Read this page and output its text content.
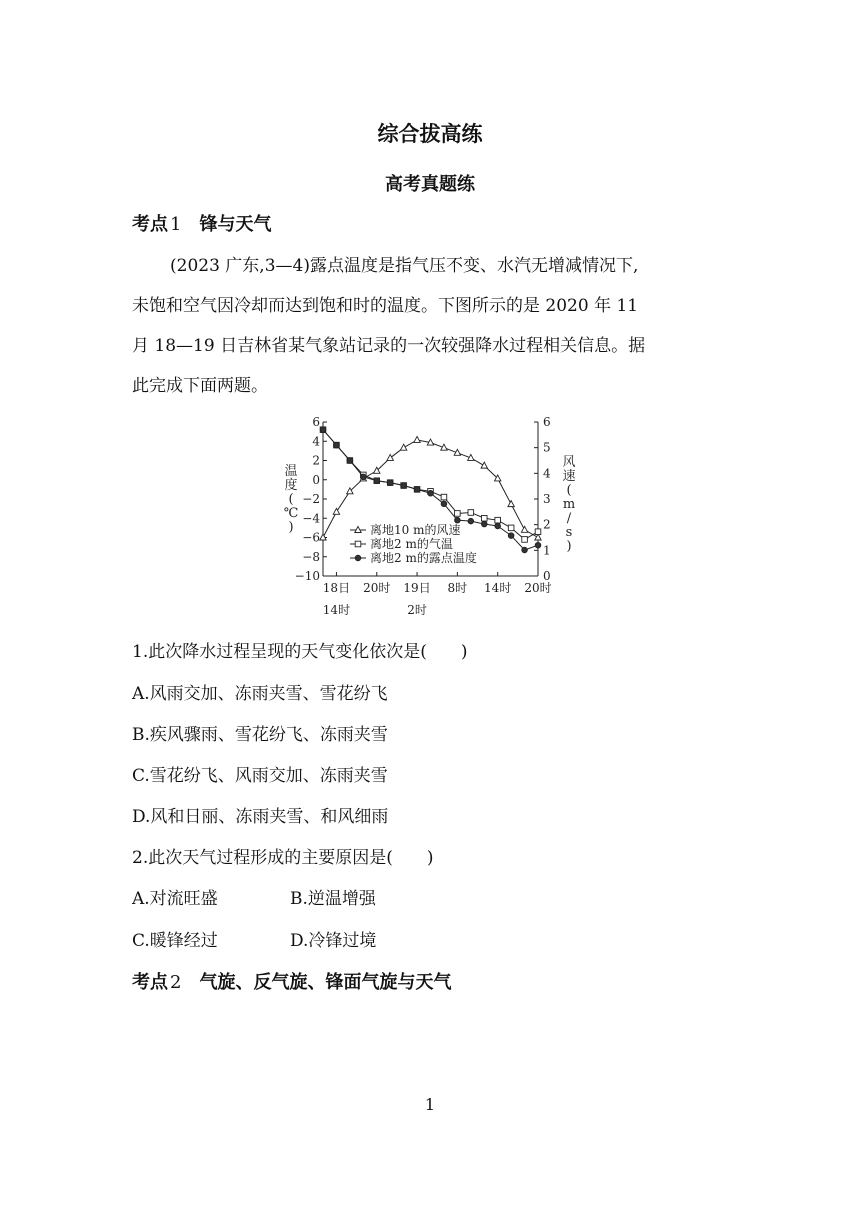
综合拔高练
高考真题练
考点 1 锋与天气
(2023 广东,3—4)露点温度是指气压不变、水汽无增减情况下,
未饱和空气因冷却而达到饱和时的温度。下图所示的是 2020 年 11
月 18—19 日吉林省某气象站记录的一次较强降水过程相关信息。据
此完成下面两题。
6
4
2
0
−2
−4
−6
−8
−10
6
5
4
3
2
1
0
18日
14时
20时 19日
2时
8时 14时 20时
温
度
(
℃
)
风
速
(
m
/
s
)
离地10 m的风速
离地2 m的气温
离地2 m的露点温度
1.此次降水过程呈现的天气变化依次是(　　)
A.风雨交加、冻雨夹雪、雪花纷飞
B.疾风骤雨、雪花纷飞、冻雨夹雪
C.雪花纷飞、风雨交加、冻雨夹雪
D.风和日丽、冻雨夹雪、和风细雨
2.此次天气过程形成的主要原因是(　　)
A.对流旺盛	B.逆温增强
C.暖锋经过	D.冷锋过境
考点 2 气旋、反气旋、锋面气旋与天气
1
